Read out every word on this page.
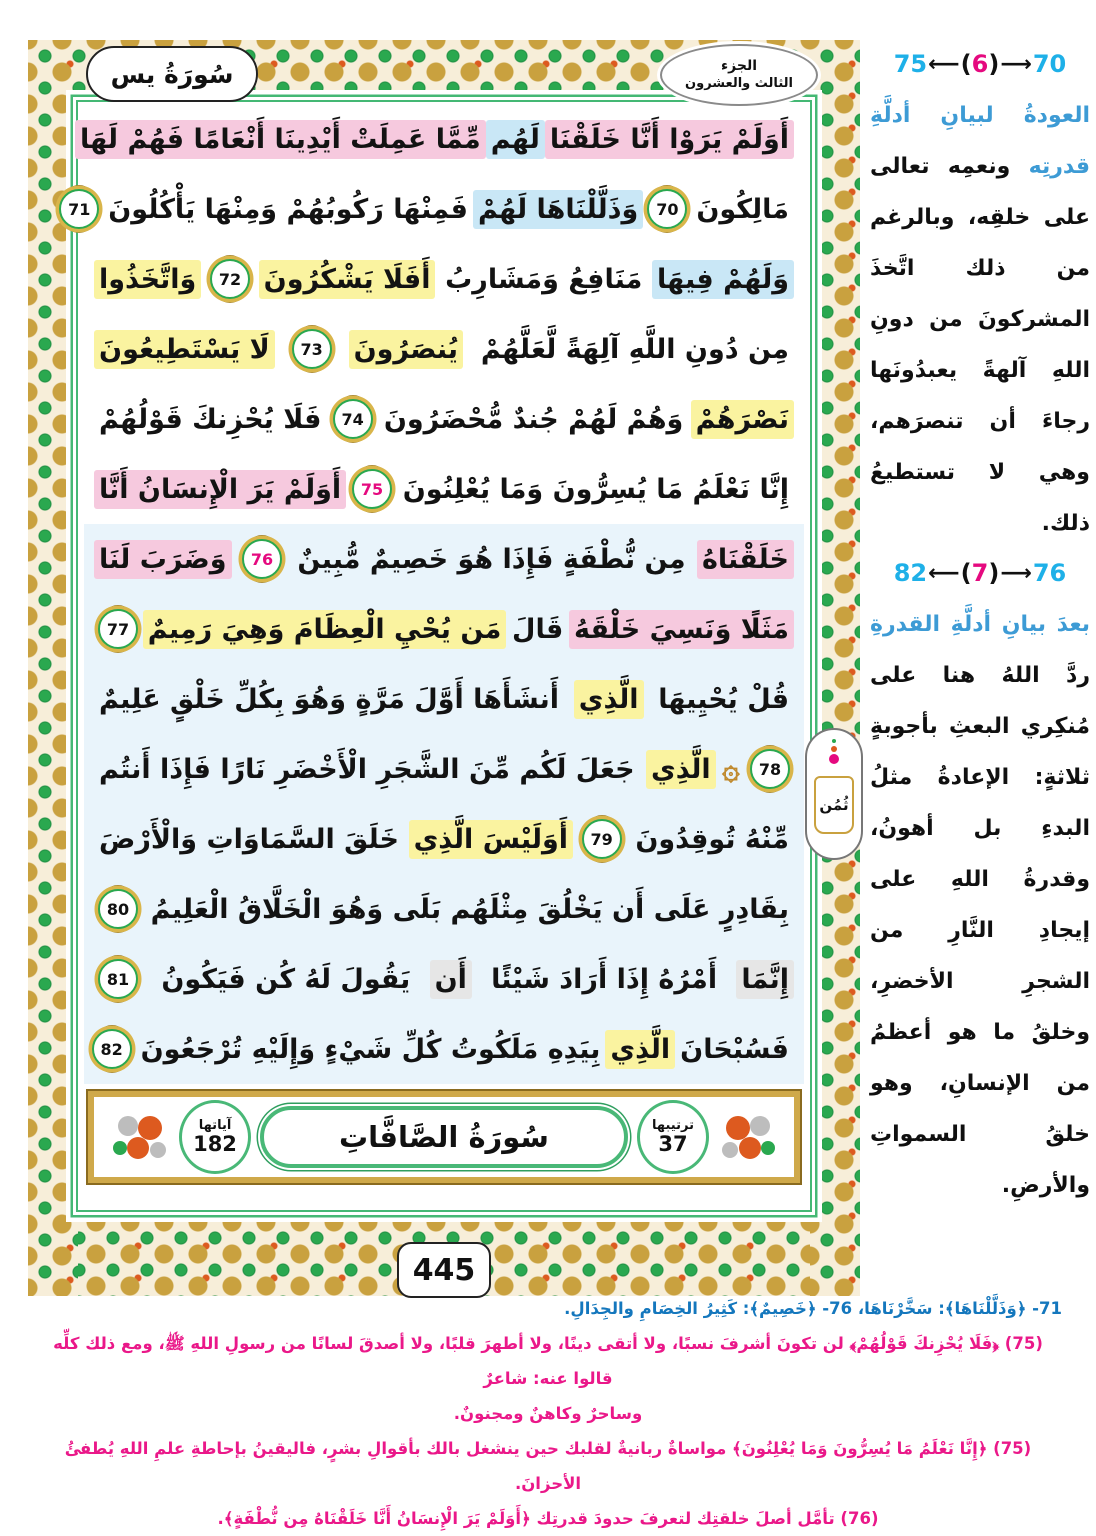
سُورَةُ يس	الجزء
الثالث والعشرون
ثُمُن
أَوَلَمْ يَرَوْا أَنَّا خَلَقْنَا
لَهُم
مِّمَّا عَمِلَتْ أَيْدِينَا أَنْعَامًا فَهُمْ لَهَا
مَالِكُونَ
70
وَذَلَّلْنَاهَا لَهُمْ
فَمِنْهَا رَكُوبُهُمْ وَمِنْهَا يَأْكُلُونَ
71
وَلَهُمْ فِيهَا
مَنَافِعُ وَمَشَارِبُ
أَفَلَا يَشْكُرُونَ
72
وَاتَّخَذُوا
مِن دُونِ اللَّهِ آلِهَةً لَّعَلَّهُمْ
يُنصَرُونَ
73
لَا يَسْتَطِيعُونَ
نَصْرَهُمْ
وَهُمْ لَهُمْ جُندٌ مُّحْضَرُونَ
74
فَلَا يُحْزِنكَ قَوْلُهُمْ
إِنَّا نَعْلَمُ مَا يُسِرُّونَ وَمَا يُعْلِنُونَ
75
أَوَلَمْ يَرَ الْإِنسَانُ أَنَّا
خَلَقْنَاهُ
مِن نُّطْفَةٍ فَإِذَا هُوَ خَصِيمٌ مُّبِينٌ
76
وَضَرَبَ لَنَا
مَثَلًا وَنَسِيَ خَلْقَهُ
قَالَ
مَن يُحْيِ الْعِظَامَ وَهِيَ رَمِيمٌ
77
قُلْ يُحْيِيهَا
الَّذِي
أَنشَأَهَا أَوَّلَ مَرَّةٍ وَهُوَ بِكُلِّ خَلْقٍ عَلِيمٌ
78
۞
الَّذِي
جَعَلَ لَكُم مِّنَ الشَّجَرِ الْأَخْضَرِ نَارًا فَإِذَا أَنتُم
مِّنْهُ تُوقِدُونَ
79
أَوَلَيْسَ الَّذِي
خَلَقَ السَّمَاوَاتِ وَالْأَرْضَ
بِقَادِرٍ عَلَى أَن يَخْلُقَ مِثْلَهُم بَلَى وَهُوَ الْخَلَّاقُ الْعَلِيمُ
80
إِنَّمَا
أَمْرُهُ إِذَا أَرَادَ شَيْئًا
أَن
يَقُولَ لَهُ كُن فَيَكُونُ
81
فَسُبْحَانَ
الَّذِي
بِيَدِهِ مَلَكُوتُ كُلِّ شَيْءٍ وَإِلَيْهِ تُرْجَعُونَ
82
ترتيبها
37
سُورَةُ الصَّافَّاتِ
آياتها
182
445
75 ⟵ (6) ⟶ 70

العودةُ لبيانِ أدلَّةِ قدرتِه ونعمِه تعالى على خلقِه، وبالرغم من ذلك اتَّخذَ المشركونَ من دونِ اللهِ آلهةً يعبدُونَها رجاءَ أن تنصرَهم، وهي لا تستطيعُ ذلك.

82 ⟵ (7) ⟶ 76

بعدَ بيانِ أدلَّةِ القدرةِ ردَّ اللهُ هنا على مُنكِري البعثِ بأجوبةٍ ثلاثةٍ: الإعادةُ مثلُ البدءِ بل أهونُ، وقدرةُ اللهِ على إيجادِ النَّارِ من الشجرِ الأخضرِ، وخلقُ ما هو أعظمُ من الإنسانِ، وهو خلقُ السمواتِ والأرضِ.

71- ﴿وَذَلَّلْنَاهَا﴾: سَخَّرْنَاهَا، 76- ﴿خَصِيمٌ﴾: كَثِيرُ الخِصَامِ والجِدَالِ.
(75) ﴿فَلَا يُحْزِنكَ قَوْلُهُمْ﴾ لن تكونَ أشرفَ نسبًا، ولا أتقى دينًا، ولا أطهرَ قلبًا، ولا أصدقَ لسانًا من رسولِ اللهِ ﷺ، ومع ذلك كلِّه قالوا عنه: شاعرٌ
وساحرٌ وكاهنٌ ومجنونٌ.
(75) ﴿إِنَّا نَعْلَمُ مَا يُسِرُّونَ وَمَا يُعْلِنُونَ﴾ مواساةٌ ربانيةٌ لقلبك حين ينشغل بالك بأقوالِ بشرٍ، فاليقينُ بإحاطةِ علمِ اللهِ يُطفئُ الأحزانَ.
(76) تأمَّل أصلَ خلقتِك لتعرفَ حدودَ قدرتِك ﴿أَوَلَمْ يَرَ الْإِنسَانُ أَنَّا خَلَقْنَاهُ مِن نُّطْفَةٍ﴾.
